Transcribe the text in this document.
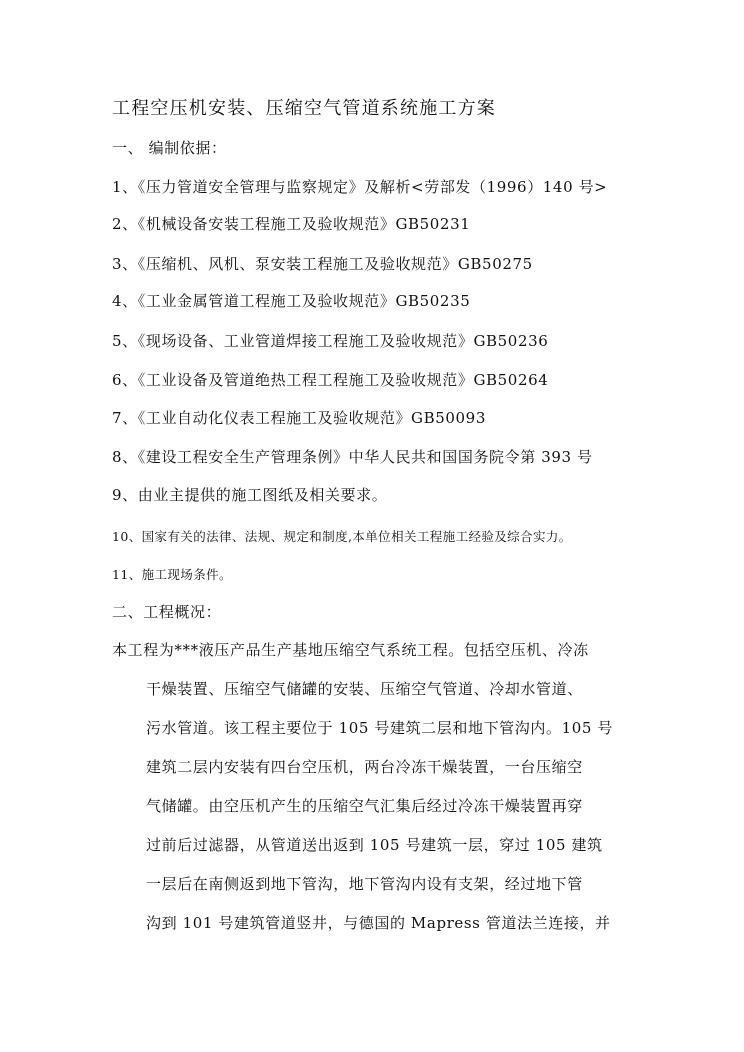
工程空压机安装、压缩空气管道系统施工方案
一、 编制依据：
1、《压力管道安全管理与监察规定》及解析<劳部发（1996）140 号>
2、《机械设备安装工程施工及验收规范》GB50231
3、《压缩机、风机、泵安装工程施工及验收规范》GB50275
4、《工业金属管道工程施工及验收规范》GB50235
5、《现场设备、工业管道焊接工程施工及验收规范》GB50236
6、《工业设备及管道绝热工程工程施工及验收规范》GB50264
7、《工业自动化仪表工程施工及验收规范》GB50093
8、《建设工程安全生产管理条例》中华人民共和国国务院令第 393 号
9、由业主提供的施工图纸及相关要求。
10、国家有关的法律、法规、规定和制度,本单位相关工程施工经验及综合实力。
11、施工现场条件。
二、工程概况：
本工程为***液压产品生产基地压缩空气系统工程。包括空压机、冷冻
干燥装置、压缩空气储罐的安装、压缩空气管道、冷却水管道、
污水管道。该工程主要位于 105 号建筑二层和地下管沟内。105 号
建筑二层内安装有四台空压机，两台冷冻干燥装置，一台压缩空
气储罐。由空压机产生的压缩空气汇集后经过冷冻干燥装置再穿
过前后过滤器，从管道送出返到 105 号建筑一层，穿过 105 建筑
一层后在南侧返到地下管沟，地下管沟内设有支架，经过地下管
沟到 101 号建筑管道竖井，与德国的 Mapress 管道法兰连接，并
